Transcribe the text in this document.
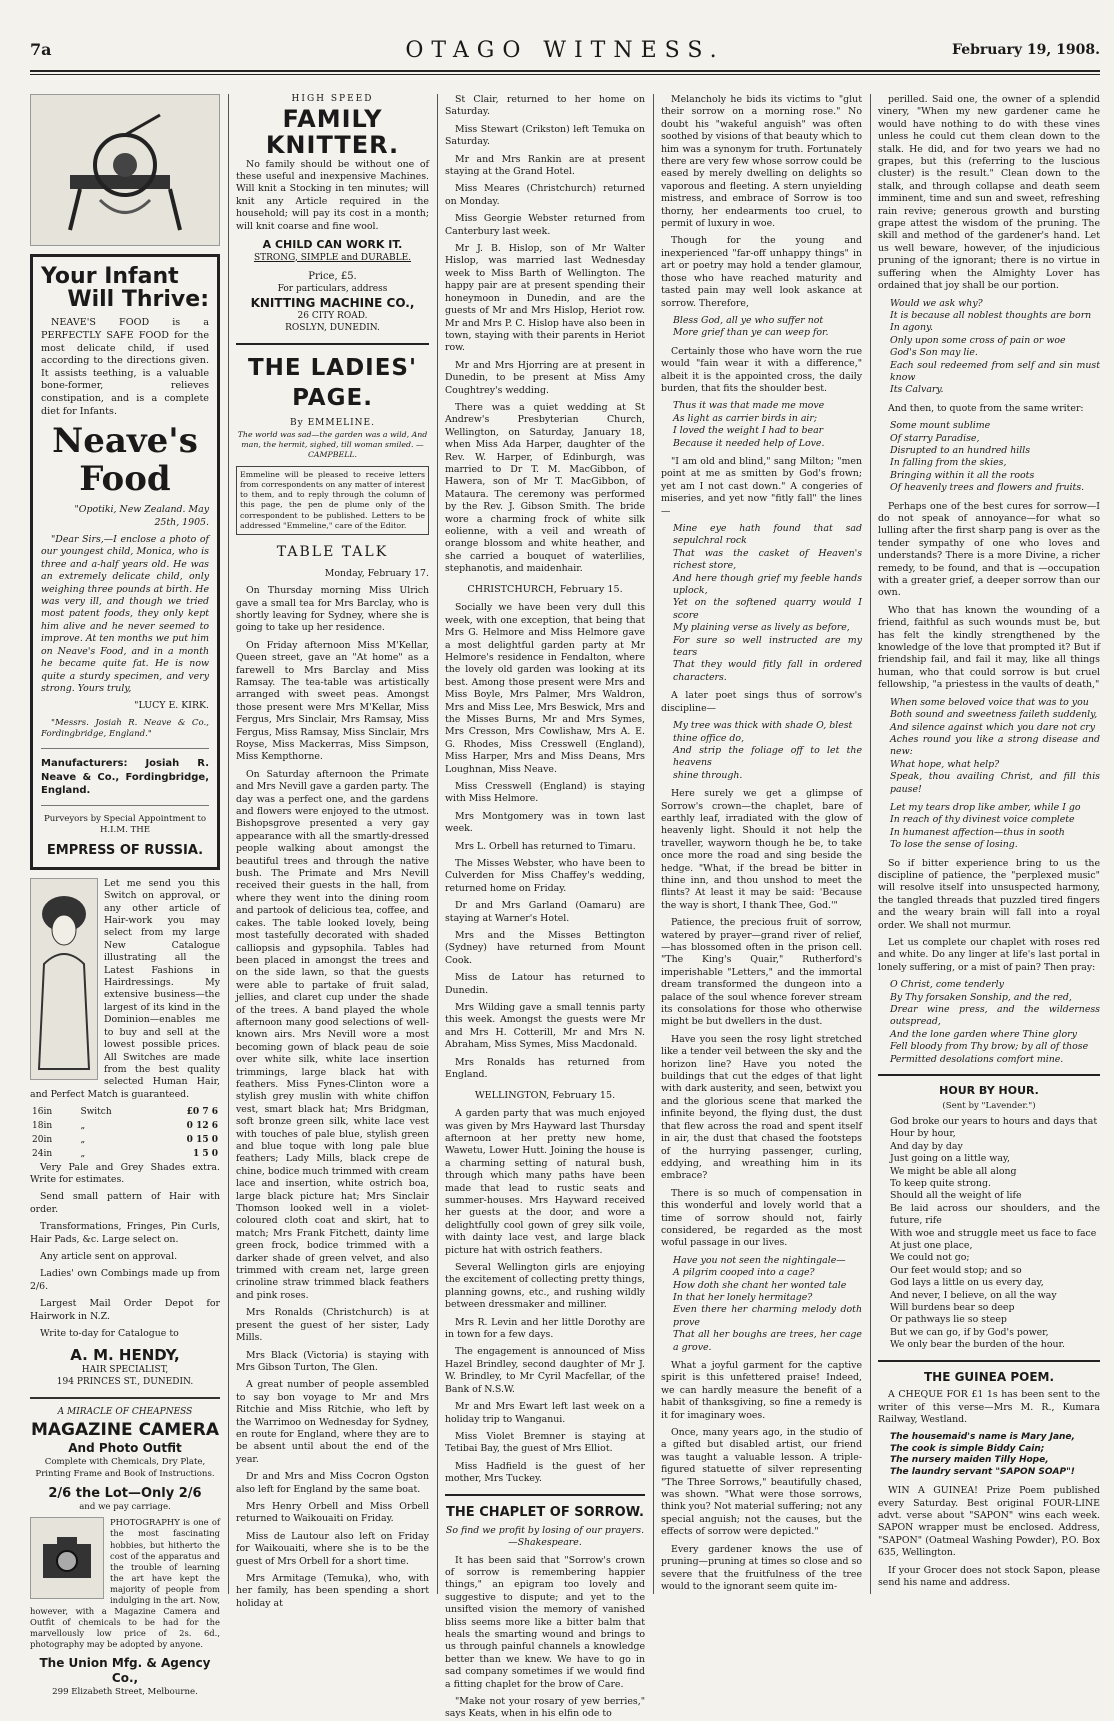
7a	OTAGO WITNESS.	February 19, 1908.
Your Infant
Will Thrive:

NEAVE'S FOOD is a PERFECTLY SAFE FOOD for the most delicate child, if used according to the directions given. It assists teething, is a valuable bone-former, relieves constipation, and is a complete diet for Infants.

Neave's
Food

"Opotiki, New Zealand. May 25th, 1905.

"Dear Sirs,—I enclose a photo of our youngest child, Monica, who is three and a-half years old. He was an extremely delicate child, only weighing three pounds at birth. He was very ill, and though we tried most patent foods, they only kept him alive and he never seemed to improve. At ten months we put him on Neave's Food, and in a month he became quite fat. He is now quite a sturdy specimen, and very strong. Yours truly,

"LUCY E. KIRK.

"Messrs. Josiah R. Neave & Co., Fordingbridge, England."

Manufacturers: Josiah R. Neave & Co., Fordingbridge, England.

Purveyors by Special Appointment to H.I.M. THE

EMPRESS OF RUSSIA.

Let me send you this Switch on approval, or any other article of Hair-work you may select from my large New Catalogue illustrating all the Latest Fashions in Hairdressings. My extensive business—the largest of its kind in the Dominion—enables me to buy and sell at the lowest possible prices. All Switches are made from the best quality selected Human Hair, and Perfect Match is guaranteed.

16in	Switch	£0 7 6
18in	„	0 12 6
20in	„	0 15 0
24in	„	1 5 0

Very Pale and Grey Shades extra. Write for estimates.

Send small pattern of Hair with order.

Transformations, Fringes, Pin Curls, Hair Pads, &c. Large select on.

Any article sent on approval.

Ladies' own Combings made up from 2/6.

Largest Mail Order Depot for Hairwork in N.Z.

Write to-day for Catalogue to

A. M. HENDY,
HAIR SPECIALIST,
194 PRINCES ST., DUNEDIN.
A MIRACLE OF CHEAPNESS
MAGAZINE CAMERA
And Photo Outfit

Complete with Chemicals, Dry Plate, Printing Frame and Book of Instructions.

2/6 the Lot—Only 2/6
and we pay carriage.

PHOTOGRAPHY is one of the most fascinating hobbies, but hitherto the cost of the apparatus and the trouble of learning the art have kept the majority of people from indulging in the art. Now, however, with a Magazine Camera and Outfit of chemicals to be had for the marvellously low price of 2s. 6d., photography may be adopted by anyone.

The Union Mfg. & Agency Co.,
299 Elizabeth Street, Melbourne.
HIGH SPEED
FAMILY KNITTER.

No family should be without one of these useful and inexpensive Machines. Will knit a Stocking in ten minutes; will knit any Article required in the household; will pay its cost in a month; will knit coarse and fine wool.

A CHILD CAN WORK IT.
STRONG, SIMPLE and DURABLE.
Price, £5.
For particulars, address
KNITTING MACHINE CO.,
26 CITY ROAD.
ROSLYN, DUNEDIN.
THE LADIES' PAGE.
By EMMELINE.

The world was sad—the garden was a wild, And man, the hermit, sighed, till woman smiled. —CAMPBELL.

Emmeline will be pleased to receive letters from correspondents on any matter of interest to them, and to reply through the column of this page, the pen de plume only of the correspondent to be published. Letters to be addressed "Emmeline," care of the Editor.

TABLE TALK

Monday, February 17.

On Thursday morning Miss Ulrich gave a small tea for Mrs Barclay, who is shortly leaving for Sydney, where she is going to take up her residence.

On Friday afternoon Miss M'Kellar, Queen street, gave an "At home" as a farewell to Mrs Barclay and Miss Ramsay. The tea-table was artistically arranged with sweet peas. Amongst those present were Mrs M'Kellar, Miss Fergus, Mrs Sinclair, Mrs Ramsay, Miss Fergus, Miss Ramsay, Miss Sinclair, Mrs Royse, Miss Mackerras, Miss Simpson, Miss Kempthorne.

On Saturday afternoon the Primate and Mrs Nevill gave a garden party. The day was a perfect one, and the gardens and flowers were enjoyed to the utmost. Bishopsgrove presented a very gay appearance with all the smartly-dressed people walking about amongst the beautiful trees and through the native bush. The Primate and Mrs Nevill received their guests in the hall, from where they went into the dining room and partook of delicious tea, coffee, and cakes. The table looked lovely, being most tastefully decorated with shaded calliopsis and gypsophila. Tables had been placed in amongst the trees and on the side lawn, so that the guests were able to partake of fruit salad, jellies, and claret cup under the shade of the trees. A band played the whole afternoon many good selections of well-known airs. Mrs Nevill wore a most becoming gown of black peau de soie over white silk, white lace insertion trimmings, large black hat with feathers. Miss Fynes-Clinton wore a stylish grey muslin with white chiffon vest, smart black hat; Mrs Bridgman, soft bronze green silk, white lace vest with touches of pale blue, stylish green and blue toque with long pale blue feathers; Lady Mills, black crepe de chine, bodice much trimmed with cream lace and insertion, white ostrich boa, large black picture hat; Mrs Sinclair Thomson looked well in a violet-coloured cloth coat and skirt, hat to match; Mrs Frank Fitchett, dainty lime green frock, bodice trimmed with a darker shade of green velvet, and also trimmed with cream net, large green crinoline straw trimmed black feathers and pink roses.

Mrs Ronalds (Christchurch) is at present the guest of her sister, Lady Mills.

Mrs Black (Victoria) is staying with Mrs Gibson Turton, The Glen.

A great number of people assembled to say bon voyage to Mr and Mrs Ritchie and Miss Ritchie, who left by the Warrimoo on Wednesday for Sydney, en route for England, where they are to be absent until about the end of the year.

Dr and Mrs and Miss Cocron Ogston also left for England by the same boat.

Mrs Henry Orbell and Miss Orbell returned to Waikouaiti on Friday.

Miss de Lautour also left on Friday for Waikouaiti, where she is to be the guest of Mrs Orbell for a short time.

Mrs Armitage (Temuka), who, with her family, has been spending a short holiday at

St Clair, returned to her home on Saturday.

Miss Stewart (Crikston) left Temuka on Saturday.

Mr and Mrs Rankin are at present staying at the Grand Hotel.

Miss Meares (Christchurch) returned on Monday.

Miss Georgie Webster returned from Canterbury last week.

Mr J. B. Hislop, son of Mr Walter Hislop, was married last Wednesday week to Miss Barth of Wellington. The happy pair are at present spending their honeymoon in Dunedin, and are the guests of Mr and Mrs Hislop, Heriot row. Mr and Mrs P. C. Hislop have also been in town, staying with their parents in Heriot row.

Mr and Mrs Hjorring are at present in Dunedin, to be present at Miss Amy Coughtrey's wedding.

There was a quiet wedding at St Andrew's Presbyterian Church, Wellington, on Saturday, January 18, when Miss Ada Harper, daughter of the Rev. W. Harper, of Edinburgh, was married to Dr T. M. MacGibbon, of Hawera, son of Mr T. MacGibbon, of Mataura. The ceremony was performed by the Rev. J. Gibson Smith. The bride wore a charming frock of white silk eolienne, with a veil and wreath of orange blossom and white heather, and she carried a bouquet of waterlilies, stephanotis, and maidenhair.

CHRISTCHURCH, February 15.

Socially we have been very dull this week, with one exception, that being that Mrs G. Helmore and Miss Helmore gave a most delightful garden party at Mr Helmore's residence in Fendalton, where the lovely old garden was looking at its best. Among those present were Mrs and Miss Boyle, Mrs Palmer, Mrs Waldron, Mrs and Miss Lee, Mrs Beswick, Mrs and the Misses Burns, Mr and Mrs Symes, Mrs Cresson, Mrs Cowlishaw, Mrs A. E. G. Rhodes, Miss Cresswell (England), Miss Harper, Mrs and Miss Deans, Mrs Loughnan, Miss Neave.

Miss Cresswell (England) is staying with Miss Helmore.

Mrs Montgomery was in town last week.

Mrs L. Orbell has returned to Timaru.

The Misses Webster, who have been to Culverden for Miss Chaffey's wedding, returned home on Friday.

Dr and Mrs Garland (Oamaru) are staying at Warner's Hotel.

Mrs and the Misses Bettington (Sydney) have returned from Mount Cook.

Miss de Latour has returned to Dunedin.

Mrs Wilding gave a small tennis party this week. Amongst the guests were Mr and Mrs H. Cotterill, Mr and Mrs N. Abraham, Miss Symes, Miss Macdonald.

Mrs Ronalds has returned from England.

WELLINGTON, February 15.

A garden party that was much enjoyed was given by Mrs Hayward last Thursday afternoon at her pretty new home, Wawetu, Lower Hutt. Joining the house is a charming setting of natural bush, through which many paths have been made that lead to rustic seats and summer-houses. Mrs Hayward received her guests at the door, and wore a delightfully cool gown of grey silk voile, with dainty lace vest, and large black picture hat with ostrich feathers.

Several Wellington girls are enjoying the excitement of collecting pretty things, planning gowns, etc., and rushing wildly between dressmaker and milliner.

Mrs R. Levin and her little Dorothy are in town for a few days.

The engagement is announced of Miss Hazel Brindley, second daughter of Mr J. W. Brindley, to Mr Cyril Macfellar, of the Bank of N.S.W.

Mr and Mrs Ewart left last week on a holiday trip to Wanganui.

Miss Violet Bremner is staying at Tetibai Bay, the guest of Mrs Elliot.

Miss Hadfield is the guest of her mother, Mrs Tuckey.

THE CHAPLET OF SORROW.

So find we profit by losing of our prayers. —Shakespeare.

It has been said that "Sorrow's crown of sorrow is remembering happier things," an epigram too lovely and suggestive to dispute; and yet to the unsifted vision the memory of vanished bliss seems more like a bitter balm that heals the smarting wound and brings to us through painful channels a knowledge better than we knew. We have to go in sad company sometimes if we would find a fitting chaplet for the brow of Care.

"Make not your rosary of yew berries," says Keats, when in his elfin ode to

Melancholy he bids its victims to "glut their sorrow on a morning rose." No doubt his "wakeful anguish" was often soothed by visions of that beauty which to him was a synonym for truth. Fortunately there are very few whose sorrow could be eased by merely dwelling on delights so vaporous and fleeting. A stern unyielding mistress, and embrace of Sorrow is too thorny, her endearments too cruel, to permit of luxury in woe.

Though for the young and inexperienced "far-off unhappy things" in art or poetry may hold a tender glamour, those who have reached maturity and tasted pain may well look askance at sorrow. Therefore,

Bless God, all ye who suffer not
More grief than ye can weep for.

Certainly those who have worn the rue would "fain wear it with a difference," albeit it is the appointed cross, the daily burden, that fits the shoulder best.

Thus it was that made me move
As light as carrier birds in air;
I loved the weight I had to bear
Because it needed help of Love.

"I am old and blind," sang Milton; "men point at me as smitten by God's frown; yet am I not cast down." A congeries of miseries, and yet now "fitly fall" the lines—

Mine eye hath found that sad sepulchral rock
That was the casket of Heaven's richest store,
And here though grief my feeble hands uplock,
Yet on the softened quarry would I score
My plaining verse as lively as before,
For sure so well instructed are my tears
That they would fitly fall in ordered characters.

A later poet sings thus of sorrow's discipline—

My tree was thick with shade O, blest
thine office do,
And strip the foliage off to let the heavens
shine through.

Here surely we get a glimpse of Sorrow's crown—the chaplet, bare of earthly leaf, irradiated with the glow of heavenly light. Should it not help the traveller, wayworn though he be, to take once more the road and sing beside the hedge. "What, if the bread be bitter in thine inn, and thou unshod to meet the flints? At least it may be said: 'Because the way is short, I thank Thee, God.'"

Patience, the precious fruit of sorrow, watered by prayer—grand river of relief, —has blossomed often in the prison cell. "The King's Quair," Rutherford's imperishable "Letters," and the immortal dream transformed the dungeon into a palace of the soul whence forever stream its consolations for those who otherwise might be but dwellers in the dust.

Have you seen the rosy light stretched like a tender veil between the sky and the horizon line? Have you noted the buildings that cut the edges of that light with dark austerity, and seen, betwixt you and the glorious scene that marked the infinite beyond, the flying dust, the dust that flew across the road and spent itself in air, the dust that chased the footsteps of the hurrying passenger, curling, eddying, and wreathing him in its embrace?

There is so much of compensation in this wonderful and lovely world that a time of sorrow should not, fairly considered, be regarded as the most woful passage in our lives.

Have you not seen the nightingale—
A pilgrim cooped into a cage?
How doth she chant her wonted tale
In that her lonely hermitage?
Even there her charming melody doth prove
That all her boughs are trees, her cage a grove.

What a joyful garment for the captive spirit is this unfettered praise! Indeed, we can hardly measure the benefit of a habit of thanksgiving, so fine a remedy is it for imaginary woes.

Once, many years ago, in the studio of a gifted but disabled artist, our friend was taught a valuable lesson. A triple-figured statuette of silver representing "The Three Sorrows," beautifully chased, was shown. "What were those sorrows, think you? Not material suffering; not any special anguish; not the causes, but the effects of sorrow were depicted."

Every gardener knows the use of pruning—pruning at times so close and so severe that the fruitfulness of the tree would to the ignorant seem quite im-

perilled. Said one, the owner of a splendid vinery, "When my new gardener came he would have nothing to do with these vines unless he could cut them clean down to the stalk. He did, and for two years we had no grapes, but this (referring to the luscious cluster) is the result." Clean down to the stalk, and through collapse and death seem imminent, time and sun and sweet, refreshing rain revive; generous growth and bursting grape attest the wisdom of the pruning. The skill and method of the gardener's hand. Let us well beware, however, of the injudicious pruning of the ignorant; there is no virtue in suffering when the Almighty Lover has ordained that joy shall be our portion.

Would we ask why?
It is because all noblest thoughts are born
In agony.
Only upon some cross of pain or woe
God's Son may lie.
Each soul redeemed from self and sin must know
Its Calvary.

And then, to quote from the same writer:

Some mount sublime
Of starry Paradise,
Disrupted to an hundred hills
In falling from the skies,
Bringing within it all the roots
Of heavenly trees and flowers and fruits.

Perhaps one of the best cures for sorrow—I do not speak of annoyance—for what so lulling after the first sharp pang is over as the tender sympathy of one who loves and understands? There is a more Divine, a richer remedy, to be found, and that is —occupation with a greater grief, a deeper sorrow than our own.

Who that has known the wounding of a friend, faithful as such wounds must be, but has felt the kindly strengthened by the knowledge of the love that prompted it? But if friendship fail, and fail it may, like all things human, who that could sorrow is but cruel fellowship, "a priestess in the vaults of death,"

When some beloved voice that was to you
Both sound and sweetness faileth suddenly,
And silence against which you dare not cry
Aches round you like a strong disease and new:
What hope, what help?
Speak, thou availing Christ, and fill this pause!
Let my tears drop like amber, while I go
In reach of thy divinest voice complete
In humanest affection—thus in sooth
To lose the sense of losing.

So if bitter experience bring to us the discipline of patience, the "perplexed music" will resolve itself into unsuspected harmony, the tangled threads that puzzled tired fingers and the weary brain will fall into a royal order. We shall not murmur.

Let us complete our chaplet with roses red and white. Do any linger at life's last portal in lonely suffering, or a mist of pain? Then pray:

O Christ, come tenderly
By Thy forsaken Sonship, and the red,
Drear wine press, and the wilderness outspread,
And the lone garden where Thine glory
Fell bloody from Thy brow; by all of those
Permitted desolations comfort mine.
HOUR BY HOUR.
(Sent by "Lavender.")
God broke our years to hours and days that
Hour by hour,
And day by day
Just going on a little way,
We might be able all along
To keep quite strong.
Should all the weight of life
Be laid across our shoulders, and the future, rife
With woe and struggle meet us face to face
At just one place,
We could not go;
Our feet would stop; and so
God lays a little on us every day,
And never, I believe, on all the way
Will burdens bear so deep
Or pathways lie so steep
But we can go, if by God's power,
We only bear the burden of the hour.
THE GUINEA POEM.

A CHEQUE FOR £1 1s has been sent to the writer of this verse—Mrs M. R., Kumara Railway, Westland.

The housemaid's name is Mary Jane,
The cook is simple Biddy Cain;
The nursery maiden Tilly Hope,
The laundry servant "SAPON SOAP"!

WIN A GUINEA! Prize Poem published every Saturday. Best original FOUR-LINE advt. verse about "SAPON" wins each week. SAPON wrapper must be enclosed. Address, "SAPON" (Oatmeal Washing Powder), P.O. Box 635, Wellington.

If your Grocer does not stock Sapon, please send his name and address.
